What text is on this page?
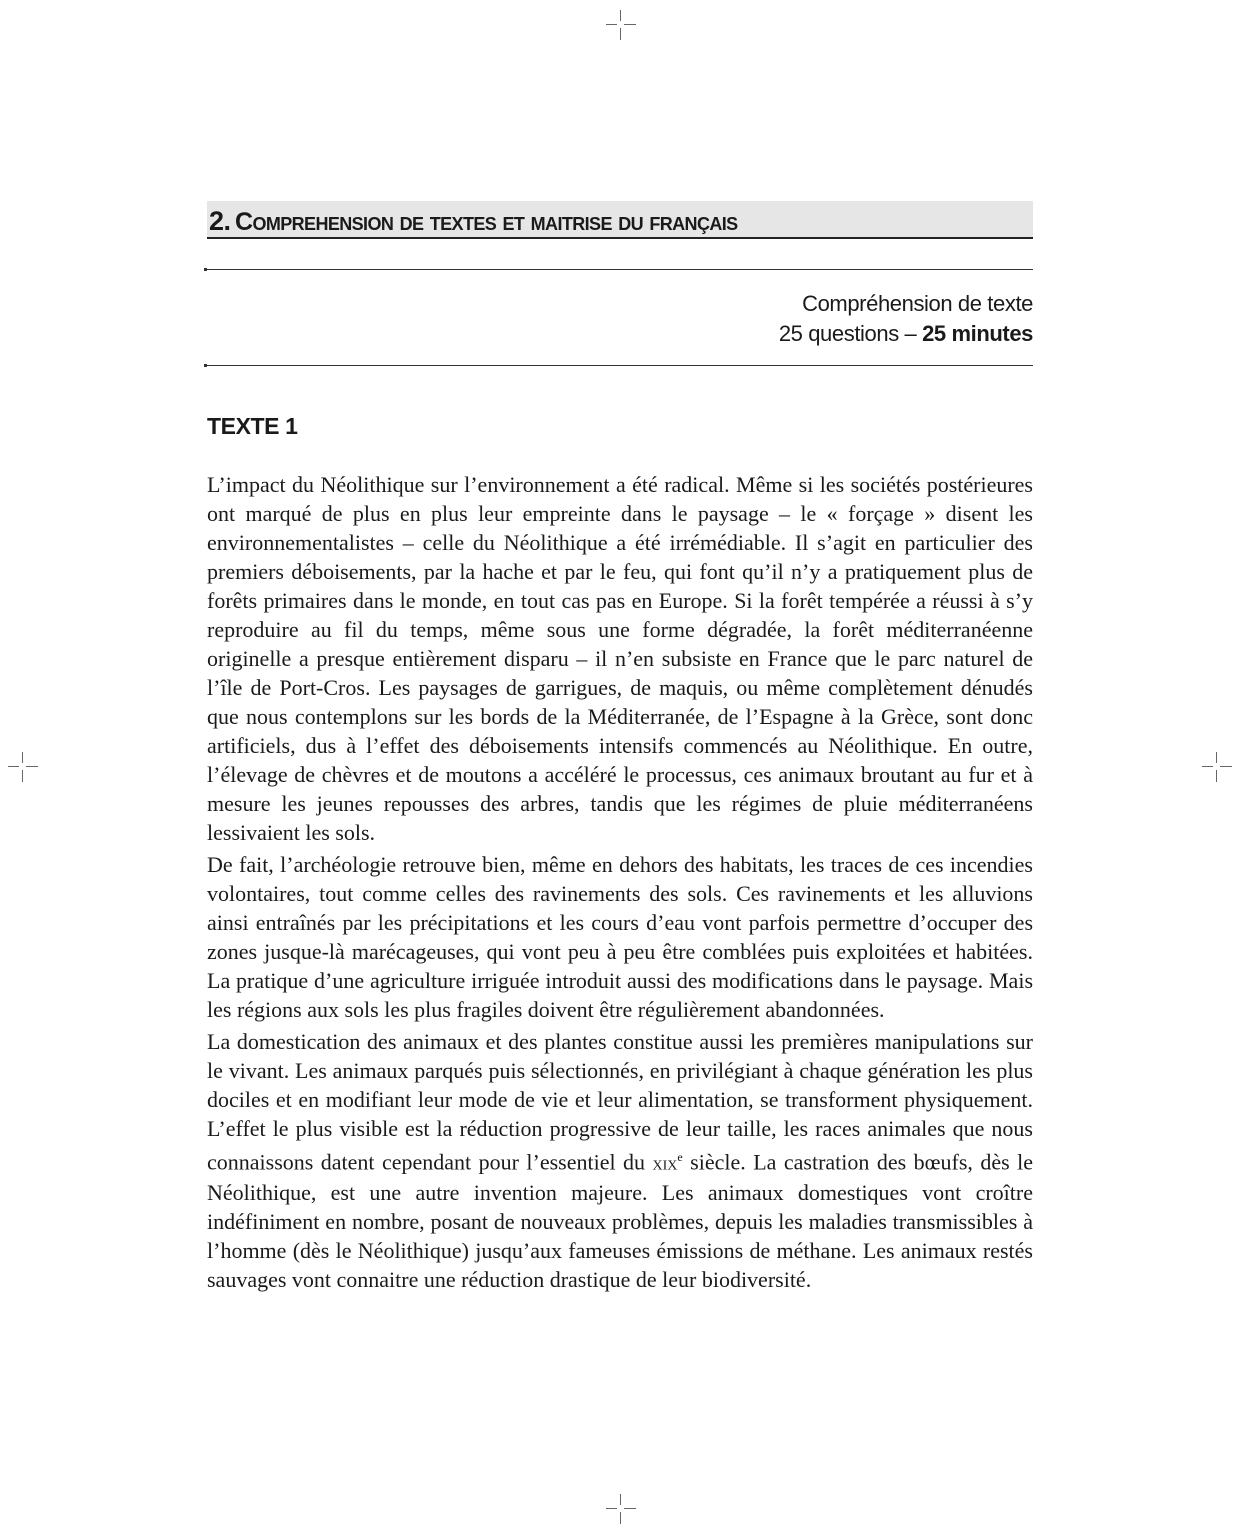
2. Comprehension de textes et maitrise du français
Compréhension de texte
25 questions – 25 minutes
TEXTE 1

L’impact du Néolithique sur l’environnement a été radical. Même si les sociétés postérieures ont marqué de plus en plus leur empreinte dans le paysage – le « forçage » disent les environnementalistes – celle du Néolithique a été irrémédiable. Il s’agit en particulier des premiers déboisements, par la hache et par le feu, qui font qu’il n’y a pratiquement plus de forêts primaires dans le monde, en tout cas pas en Europe. Si la forêt tempérée a réussi à s’y reproduire au fil du temps, même sous une forme dégradée, la forêt méditerranéenne originelle a presque entièrement disparu – il n’en subsiste en France que le parc naturel de l’île de Port-Cros. Les paysages de garrigues, de maquis, ou même complètement dénudés que nous contemplons sur les bords de la Méditerranée, de l’Espagne à la Grèce, sont donc artificiels, dus à l’effet des déboisements intensifs commencés au Néolithique. En outre, l’élevage de chèvres et de moutons a accéléré le processus, ces animaux broutant au fur et à mesure les jeunes repousses des arbres, tandis que les régimes de pluie méditerranéens lessivaient les sols.

De fait, l’archéologie retrouve bien, même en dehors des habitats, les traces de ces incendies volontaires, tout comme celles des ravinements des sols. Ces ravinements et les alluvions ainsi entraînés par les précipitations et les cours d’eau vont parfois permettre d’occuper des zones jusque-là marécageuses, qui vont peu à peu être comblées puis exploitées et habitées. La pratique d’une agriculture irriguée introduit aussi des modifications dans le paysage. Mais les régions aux sols les plus fragiles doivent être régulièrement abandonnées.

La domestication des animaux et des plantes constitue aussi les premières manipulations sur le vivant. Les animaux parqués puis sélectionnés, en privilégiant à chaque génération les plus dociles et en modifiant leur mode de vie et leur alimentation, se transforment physiquement. L’effet le plus visible est la réduction progressive de leur taille, les races animales que nous connaissons datent cependant pour l’essentiel du xix$^e$ siècle. La castration des bœufs, dès le Néolithique, est une autre invention majeure. Les animaux domestiques vont croître indéfiniment en nombre, posant de nouveaux problèmes, depuis les maladies transmissibles à l’homme (dès le Néolithique) jusqu’aux fameuses émissions de méthane. Les animaux restés sauvages vont connaitre une réduction drastique de leur biodiversité.
